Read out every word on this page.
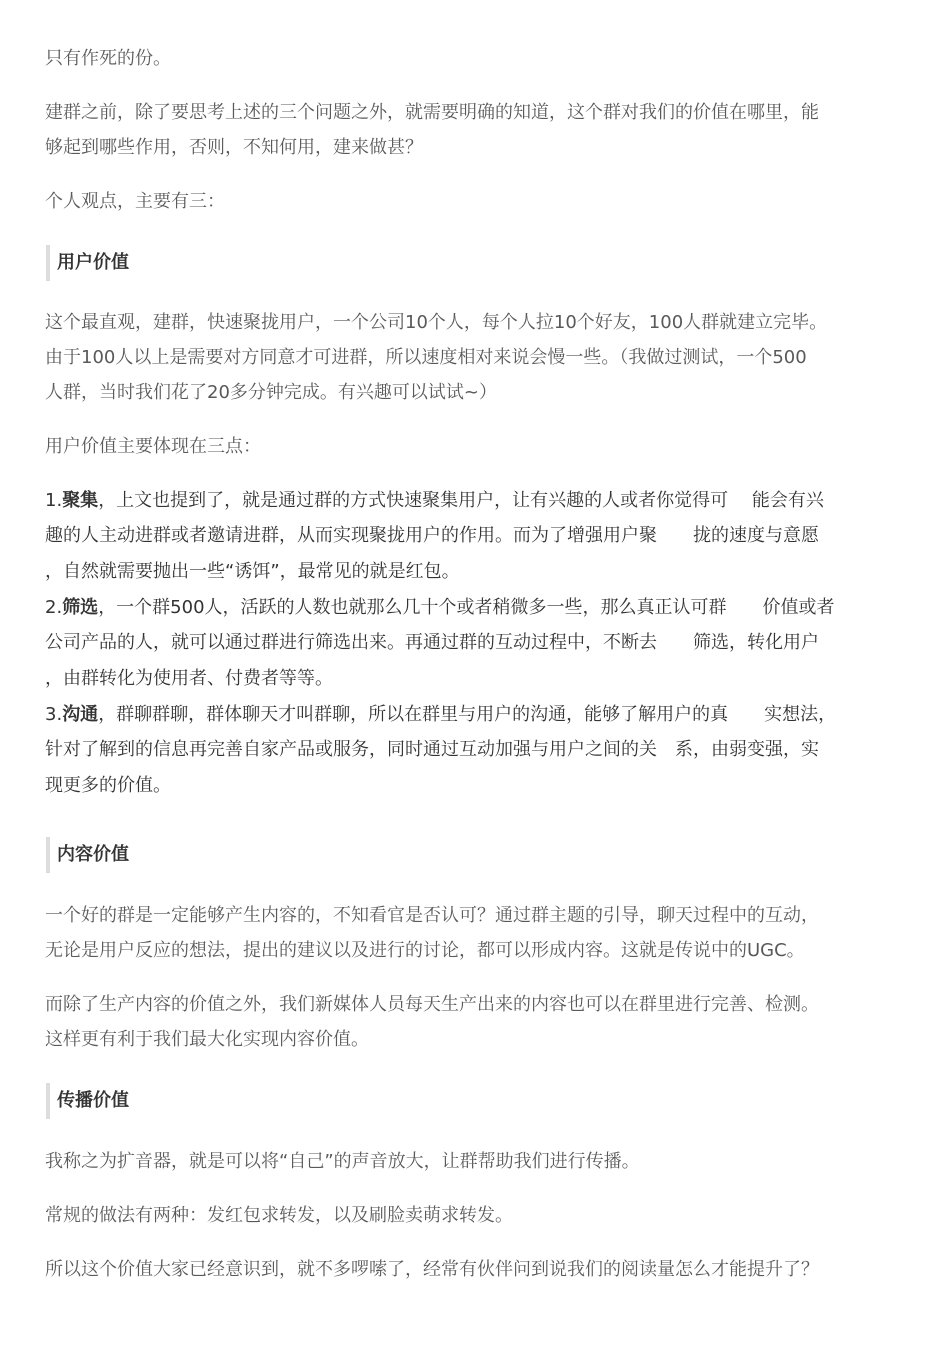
只有作死的份。

建群之前，除了要思考上述的三个问题之外，就需要明确的知道，这个群对我们的价值在哪里，能

够起到哪些作用，否则，不知何用，建来做甚？

个人观点，主要有三：

用户价值

这个最直观，建群，快速聚拢用户，一个公司10个人，每个人拉10个好友，100人群就建立完毕。

由于100人以上是需要对方同意才可进群，所以速度相对来说会慢一些。（我做过测试，一个500

人群，当时我们花了20多分钟完成。有兴趣可以试试~）

用户价值主要体现在三点：

1.聚集，上文也提到了，就是通过群的方式快速聚集用户，让有兴趣的人或者你觉得可　 能会有兴

趣的人主动进群或者邀请进群，从而实现聚拢用户的作用。而为了增强用户聚　　拢的速度与意愿

，自然就需要抛出一些“诱饵”，最常见的就是红包。

2.筛选，一个群500人，活跃的人数也就那么几十个或者稍微多一些，那么真正认可群　　价值或者

公司产品的人，就可以通过群进行筛选出来。再通过群的互动过程中，不断去　　筛选，转化用户

，由群转化为使用者、付费者等等。

3.沟通，群聊群聊，群体聊天才叫群聊，所以在群里与用户的沟通，能够了解用户的真　　实想法，

针对了解到的信息再完善自家产品或服务，同时通过互动加强与用户之间的关　系，由弱变强，实

现更多的价值。

内容价值

一个好的群是一定能够产生内容的，不知看官是否认可？通过群主题的引导，聊天过程中的互动，

无论是用户反应的想法，提出的建议以及进行的讨论，都可以形成内容。这就是传说中的UGC。

而除了生产内容的价值之外，我们新媒体人员每天生产出来的内容也可以在群里进行完善、检测。

这样更有利于我们最大化实现内容价值。

传播价值

我称之为扩音器，就是可以将“自己”的声音放大，让群帮助我们进行传播。

常规的做法有两种：发红包求转发，以及刷脸卖萌求转发。

所以这个价值大家已经意识到，就不多啰嗦了，经常有伙伴问到说我们的阅读量怎么才能提升了？
